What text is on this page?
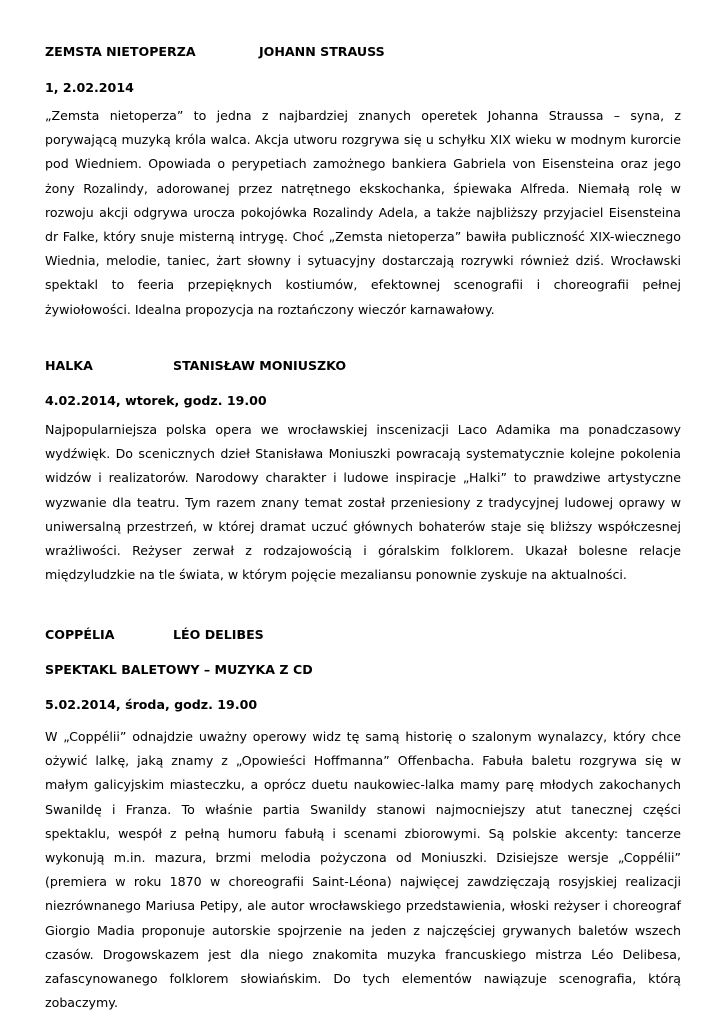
ZEMSTA NIETOPERZA	JOHANN STRAUSS
1, 2.02.2014
„Zemsta nietoperza” to jedna z najbardziej znanych operetek Johanna Straussa – syna, z porywającą muzyką króla walca. Akcja utworu rozgrywa się u schyłku XIX wieku w modnym kurorcie pod Wiedniem. Opowiada o perypetiach zamożnego bankiera Gabriela von Eisensteina oraz jego żony Rozalindy, adorowanej przez natrętnego ekskochanka, śpiewaka Alfreda. Niemałą rolę w rozwoju akcji odgrywa urocza pokojówka Rozalindy Adela, a także najbliższy przyjaciel Eisensteina dr Falke, który snuje misterną intrygę. Choć „Zemsta nietoperza” bawiła publiczność XIX-wiecznego Wiednia, melodie, taniec, żart słowny i sytuacyjny dostarczają rozrywki również dziś. Wrocławski spektakl to feeria przepięknych kostiumów, efektownej scenografii i choreografii pełnej żywiołowości. Idealna propozycja na roztańczony wieczór karnawałowy.
HALKA	STANISŁAW MONIUSZKO
4.02.2014, wtorek, godz. 19.00
Najpopularniejsza polska opera we wrocławskiej inscenizacji Laco Adamika ma ponadczasowy wydźwięk. Do scenicznych dzieł Stanisława Moniuszki powracają systematycznie kolejne pokolenia widzów i realizatorów. Narodowy charakter i ludowe inspiracje „Halki” to prawdziwe artystyczne wyzwanie dla teatru. Tym razem znany temat został przeniesiony z tradycyjnej ludowej oprawy w uniwersalną przestrzeń, w której dramat uczuć głównych bohaterów staje się bliższy współczesnej wrażliwości. Reżyser zerwał z rodzajowością i góralskim folklorem. Ukazał bolesne relacje międzyludzkie na tle świata, w którym pojęcie mezaliansu ponownie zyskuje na aktualności.
COPPÉLIA	LÉO DELIBES
SPEKTAKL BALETOWY – MUZYKA Z CD
5.02.2014, środa, godz. 19.00
W „Coppélii” odnajdzie uważny operowy widz tę samą historię o szalonym wynalazcy, który chce ożywić lalkę, jaką znamy z „Opowieści Hoffmanna” Offenbacha. Fabuła baletu rozgrywa się w małym galicyjskim miasteczku, a oprócz duetu naukowiec-lalka mamy parę młodych zakochanych Swanildę i Franza. To właśnie partia Swanildy stanowi najmocniejszy atut tanecznej części spektaklu, wespół z pełną humoru fabułą i scenami zbiorowymi. Są polskie akcenty: tancerze wykonują m.in. mazura, brzmi melodia pożyczona od Moniuszki. Dzisiejsze wersje „Coppélii” (premiera w roku 1870 w choreografii Saint-Léona) najwięcej zawdzięczają rosyjskiej realizacji niezrównanego Mariusa Petipy, ale autor wrocławskiego przedstawienia, włoski reżyser i choreograf Giorgio Madia proponuje autorskie spojrzenie na jeden z najczęściej grywanych baletów wszech czasów. Drogowskazem jest dla niego znakomita muzyka francuskiego mistrza Léo Delibesa, zafascynowanego folklorem słowiańskim. Do tych elementów nawiązuje scenografia, którą zobaczymy.
